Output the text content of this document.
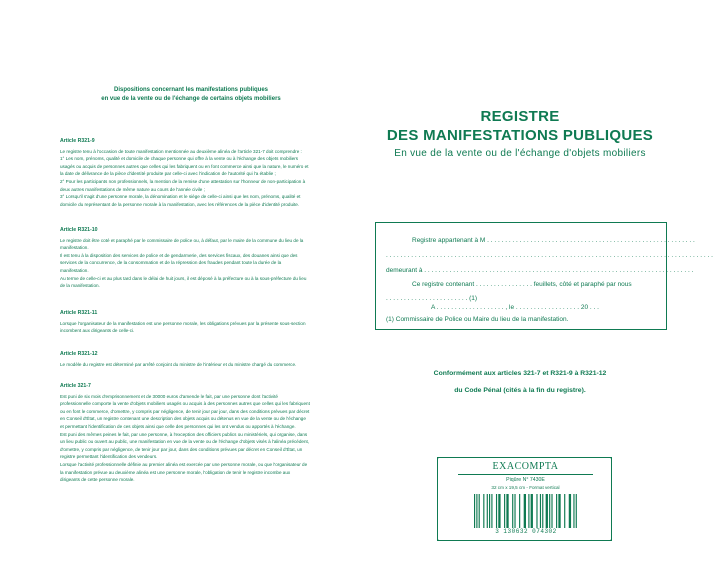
Dispositions concernant les manifestations publiques
en vue de la vente ou de l'échange de certains objets mobiliers
Article R321-9

Le registre tenu à l'occasion de toute manifestation mentionnée au deuxième alinéa de l'article 321-7 doit comprendre :

1° Les nom, prénoms, qualité et domicile de chaque personne qui offre à la vente ou à l'échange des objets mobiliers

usagés ou acquis de personnes autres que celles qui les fabriquent ou en font commerce ainsi que la nature, le numéro et

la date de délivrance de la pièce d'identité produite par celle-ci avec l'indication de l'autorité qui l'a établie ;

2° Pour les participants non professionnels, la mention de la remise d'une attestation sur l'honneur de non-participation à

deux autres manifestations de même nature au cours de l'année civile ;

3° Lorsqu'il s'agit d'une personne morale, la dénomination et le siège de celle-ci ainsi que les nom, prénoms, qualité et

domicile du représentant de la personne morale à la manifestation, avec les références de la pièce d'identité produite.

Article R321-10

Le registre doit être coté et paraphé par le commissaire de police ou, à défaut, par le maire de la commune du lieu de la

manifestation.

Il est tenu à la disposition des services de police et de gendarmerie, des services fiscaux, des douanes ainsi que des

services de la concurrence, de la consommation et de la répression des fraudes pendant toute la durée de la

manifestation.

Au terme de celle-ci et au plus tard dans le délai de huit jours, il est déposé à la préfecture ou à la sous-préfecture du lieu

de la manifestation.

Article R321-11

Lorsque l'organisateur de la manifestation est une personne morale, les obligations prévues par la présente sous-section

incombent aux dirigeants de celle-ci.

Article R321-12

Le modèle du registre est déterminé par arrêté conjoint du ministre de l'intérieur et du ministre chargé du commerce.

Article 321-7

Est puni de six mois d'emprisonnement et de 30000 euros d'amende le fait, par une personne dont l'activité

professionnelle comporte la vente d'objets mobiliers usagés ou acquis à des personnes autres que celles qui les fabriquent

ou en font le commerce, d'omettre, y compris par négligence, de tenir jour par jour, dans des conditions prévues par décret

en Conseil d'État, un registre contenant une description des objets acquis ou détenus en vue de la vente ou de l'échange

et permettant l'identification de ces objets ainsi que celle des personnes qui les ont vendus ou apportés à l'échange.

Est puni des mêmes peines le fait, par une personne, à l'exception des officiers publics ou ministériels, qui organise, dans

un lieu public ou ouvert au public, une manifestation en vue de la vente ou de l'échange d'objets visés à l'alinéa précédent,

d'omettre, y compris par négligence, de tenir jour par jour, dans des conditions prévues par décret en Conseil d'État, un

registre permettant l'identification des vendeurs.

Lorsque l'activité professionnelle définie au premier alinéa est exercée par une personne morale, ou que l'organisateur de

la manifestation prévue au deuxième alinéa est une personne morale, l'obligation de tenir le registre incombe aux

dirigeants de cette personne morale.

REGISTRE
DES MANIFESTATIONS PUBLIQUES
En vue de la vente ou de l'échange d'objets mobiliers
Registre appartenant à M . . . . . . . . . . . . . . . . . . . . . . . . . . . . . . . . . . . . . . . . . . . . . . . . . . . . . . . . . .
. . . . . . . . . . . . . . . . . . . . . . . . . . . . . . . . . . . . . . . . . . . . . . . . . . . . . . . . . . . . . . . . . . . . . . . . . . . . . . . . . . . . . . . . . . .
demeurant à . . . . . . . . . . . . . . . . . . . . . . . . . . . . . . . . . . . . . . . . . . . . . . . . . . . . . . . . . . . . . . . . . . . . . . . . . . .
Ce registre contenant . . . . . . . . . . . . . . . . feuillets, côté et paraphé par nous
. . . . . . . . . . . . . . . . . . . . . . . (1)
A . . . . . . . . . . . . . . . . . . . , le . . . . . . . . . . . . . . . . . . 20 . . .
(1) Commissaire de Police ou Maire du lieu de la manifestation.
Conformément aux articles 321-7 et R321-9 à R321-12
du Code Pénal (cités à la fin du registre).
EXACOMPTA
Piqûre N° 7430E
32 cm x 19,5 cm - Format vertical
3 130632 074302
